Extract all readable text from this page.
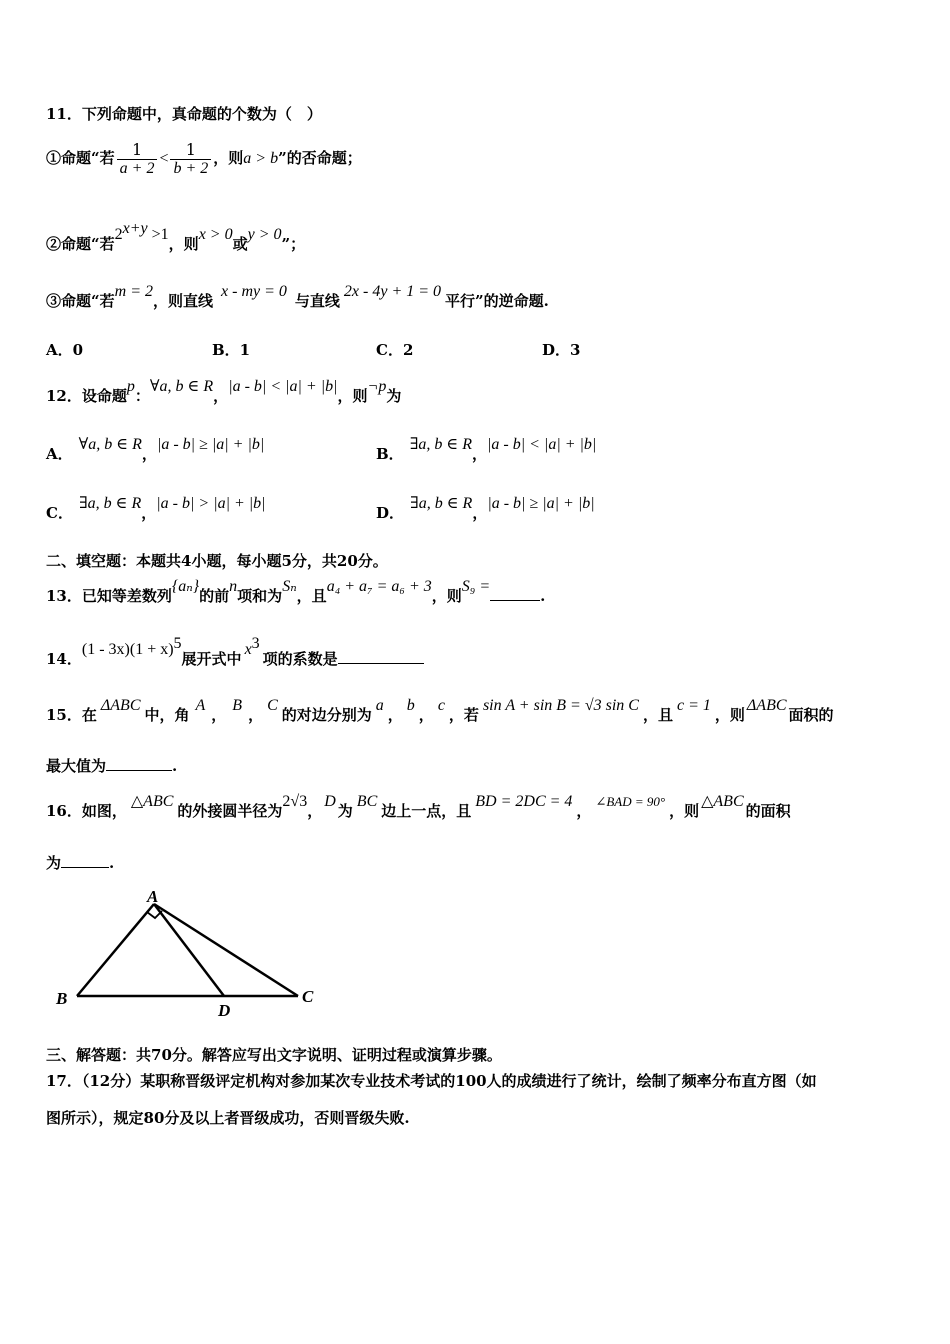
11．下列命题中，真命题的个数为（　）
①命题“若 $\frac{1}{a + 2} < \frac{1}{b + 2}$ ，则a > b”的否命题；
②命题“若$2^{x+y} >1$，则x > 0或y > 0”；
③命题“若m = 2，则直线x - my = 0与直线2x - 4y + 1 = 0平行”的逆命题.
A．0	B．1	C．2	D．3
12．设命题p：∀a, b ∈ R，|a - b| < |a| + |b|，则¬p为
A．∀a, b ∈ R，|a - b| ≥ |a| + |b|
B．∃a, b ∈ R，|a - b| < |a| + |b|
C．∃a, b ∈ R，|a - b| > |a| + |b|
D．∃a, b ∈ R，|a - b| ≥ |a| + |b|
二、填空题：本题共4小题，每小题5分，共20分。
13．已知等差数列{aₙ}的前n项和为Sₙ，且a₄ + a₇ = a₆ + 3，则S₉ =.
14．$(1 - 3x)(1 + x)^5$展开式中$x^3$项的系数是
15．在ΔABC中，角A，B，C的对边分别为a，b，c，若sin A + sin B = √3 sin C，且c = 1，则ΔABC面积的
最大值为	.
16．如图，△ABC的外接圆半径为2√3，D为BC边上一点，且BD = 2DC = 4，∠BAD = 90°，则△ABC的面积
为	.
A
B	C
D
三、解答题：共70分。解答应写出文字说明、证明过程或演算步骤。
17．（12分）某职称晋级评定机构对参加某次专业技术考试的100人的成绩进行了统计，绘制了频率分布直方图（如
图所示），规定80分及以上者晋级成功，否则晋级失败.
